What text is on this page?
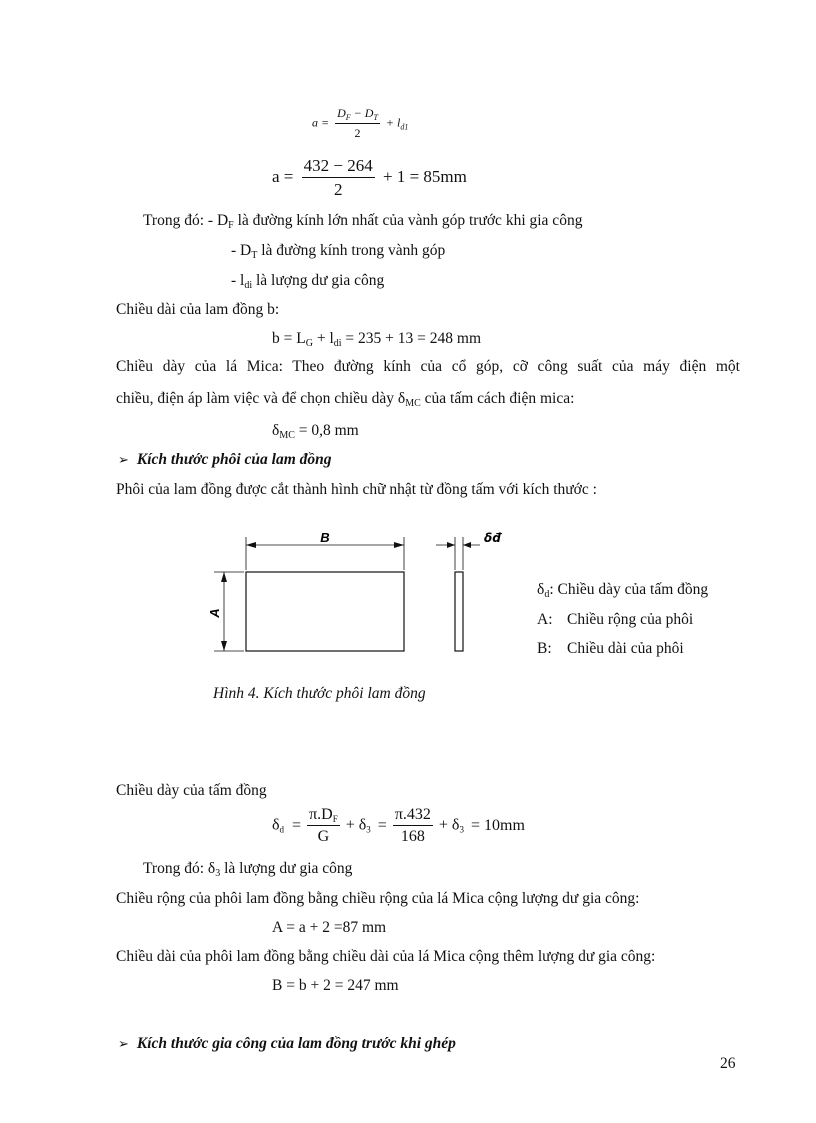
$a = \frac{D_F - D_T}{2} + l_{d1}$
$a = \frac{432 - 264}{2} + 1 = 85mm$
Trong đó: - $D_F$ là đường kính lớn nhất của vành góp trước khi gia công
- $D_T$ là đường kính trong vành góp
- $l_{di}$ là lượng dư gia công
Chiều dài của lam đồng b:
$b = L_G + l_{di} = 235 + 13 = 248$ mm
Chiều dày của lá Mica: Theo đường kính của cổ góp, cỡ công suất của máy điện một
chiều, điện áp làm việc và để chọn chiều dày $\delta_{MC}$ của tấm cách điện mica:
$\delta_{MC} = 0,8$ mm
➢ Kích thước phôi của lam đồng
Phôi của lam đồng được cắt thành hình chữ nhật từ đồng tấm với kích thước :
B
A
δđ
$\delta_d$: Chiều dày của tấm đồng
A: Chiều rộng của phôi
B: Chiều dài của phôi
Hình 4. Kích thước phôi lam đồng
Chiều dày của tấm đồng
$\delta_d = \frac{\pi.D_F}{G} + \delta_3 = \frac{\pi.432}{168} + \delta_3 = 10mm$
Trong đó: $\delta_3$ là lượng dư gia công
Chiều rộng của phôi lam đồng bằng chiều rộng của lá Mica cộng lượng dư gia công:
A = a + 2 =87 mm
Chiều dài của phôi lam đồng bằng chiều dài của lá Mica cộng thêm lượng dư gia công:
B = b + 2 = 247 mm
➢ Kích thước gia công của lam đồng trước khi ghép
26
